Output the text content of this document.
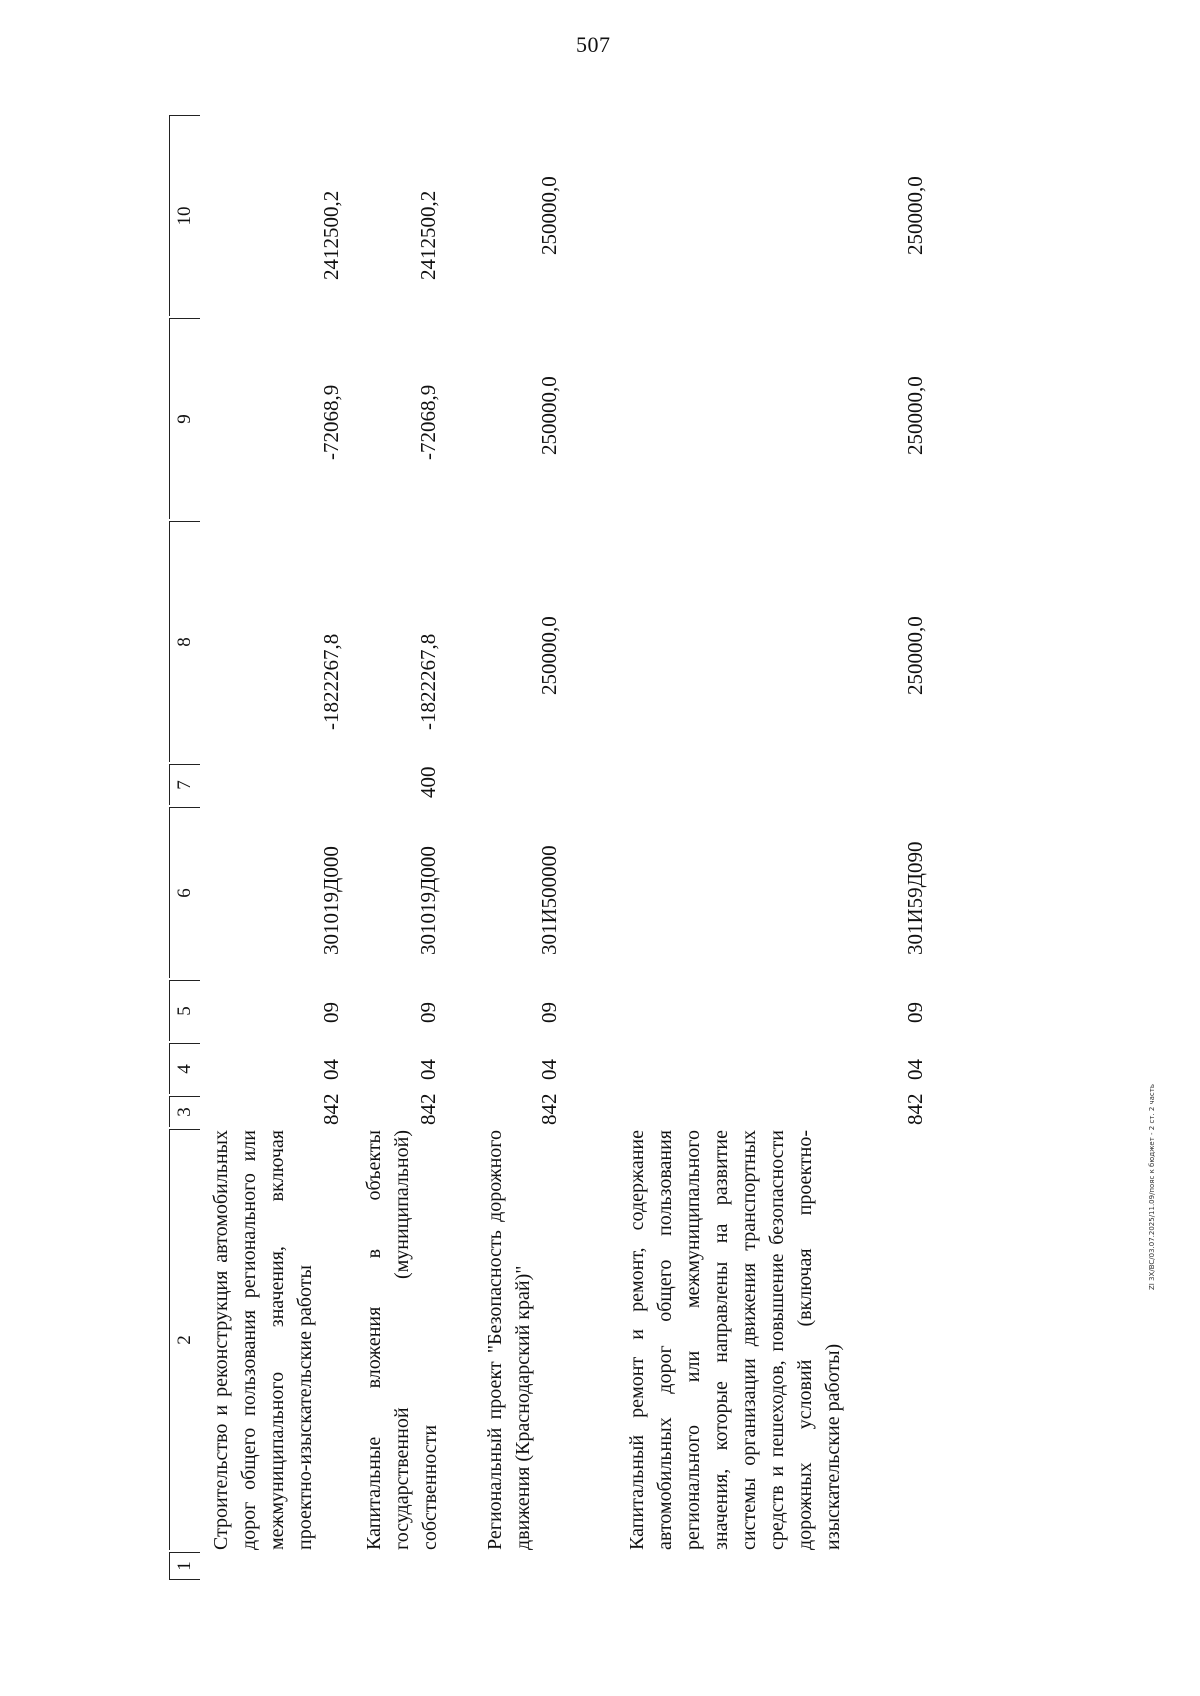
507
1
2
3
4
5
6
7
8
9
10
Строительство и реконструкция автомобильных дорог общего пользования регионального или межмуниципального значения, включая проектно-изыскательские работы
842
04
09
301019Д000
-1822267,8
-72068,9
2412500,2
Капитальные вложения в объекты государственной (муниципальной) собственности
842
04
09
301019Д000
400
-1822267,8
-72068,9
2412500,2
Региональный проект "Безопасность дорожного движения (Краснодарский край)"
842
04
09
301И500000
250000,0
250000,0
250000,0
Капитальный ремонт и ремонт, содержание автомобильных дорог общего пользования регионального или межмуниципального значения, которые направлены на развитие системы организации движения транспортных средств и пешеходов, повышение безопасности дорожных условий (включая проектно-изыскательские работы)
842
04
09
301И59Д090
250000,0
250000,0
250000,0
ZI 3X/BC/03.07.2025/11.09/пояс к бюджет - 2 ст. 2 часть
